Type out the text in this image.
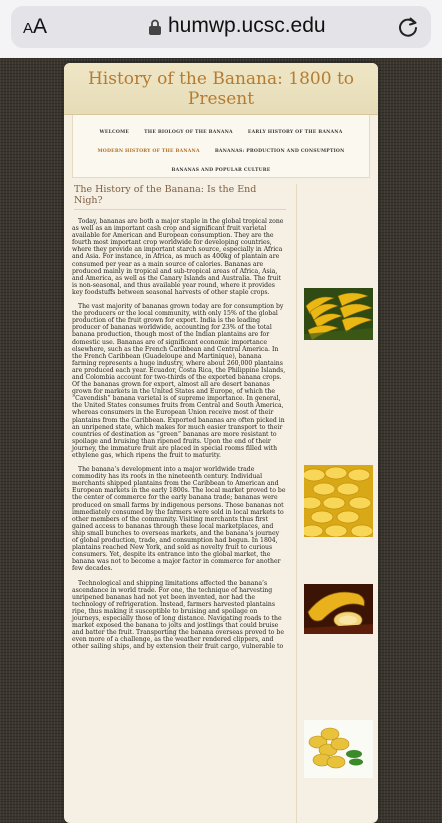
AA	humwp.ucsc.edu
History of the Banana: 1800 to Present
WELCOME	THE BIOLOGY OF THE BANANA	EARLY HISTORY OF THE BANANA
MODERN HISTORY OF THE BANANA	BANANAS: PRODUCTION AND CONSUMPTION
BANANAS AND POPULAR CULTURE
The History of the Banana: Is the End Nigh?

Today, bananas are both a major staple in the global tropical zone as well as an important cash crop and significant fruit varietal available for American and European consumption. They are the fourth most important crop worldwide for developing countries, where they provide an important starch source, especially in Africa and Asia. For instance, in Africa, as much as 400kg of plantain are consumed per year as a main source of calories. Bananas are produced mainly in tropical and sub-tropical areas of Africa, Asia, and America, as well as the Canary Islands and Australia. The fruit is non-seasonal, and thus available year round, where it provides key foodstuffs between seasonal harvests of other staple crops.

The vast majority of bananas grown today are for consumption by the producers or the local community, with only 15% of the global production of the fruit grown for export. India is the leading producer of bananas worldwide, accounting for 23% of the total banana production, though most of the Indian plantains are for domestic use. Bananas are of significant economic importance elsewhere, such as the French Caribbean and Central America. In the French Caribbean (Guadeloupe and Martinique), banana farming represents a huge industry, where about 260,000 plantains are produced each year. Ecuador, Costa Rica, the Philippine Islands, and Colombia account for two-thirds of the exported banana crops. Of the bananas grown for export, almost all are desert bananas grown for markets in the United States and Europe, of which the “Cavendish” banana varietal is of supreme importance. In general, the United States consumes fruits from Central and South America, whereas consumers in the European Union receive most of their plantains from the Caribbean. Exported bananas are often picked in an unripened state, which makes for much easier transport to their countries of destination as “green” bananas are more resistant to spoilage and bruising than ripened fruits. Upon the end of their journey, the immature fruit are placed in special rooms filled with ethylene gas, which ripens the fruit to maturity.

The banana’s development into a major worldwide trade commodity has its roots in the nineteenth century. Individual merchants shipped plantains from the Caribbean to American and European markets in the early 1800s. The local market proved to be the center of commerce for the early banana trade; bananas were produced on small farms by indigenous persons. Those bananas not immediately consumed by the farmers were sold in local markets to other members of the community. Visiting merchants thus first gained access to bananas through these local marketplaces, and ship small bunches to overseas markets, and the banana’s journey of global production, trade, and consumption had begun. In 1804, plantains reached New York, and sold as novelty fruit to curious consumers. Yet, despite its entrance into the global market, the banana was not to become a major factor in commerce for another few decades.

Technological and shipping limitations affected the banana’s ascendance in world trade. For one, the technique of harvesting unripened bananas had not yet been invented, nor had the technology of refrigeration. Instead, farmers harvested plantains ripe, thus making it susceptible to bruising and spoilage on journeys, especially those of long distance. Navigating roads to the market exposed the banana to jolts and jostlings that could bruise and batter the fruit. Transporting the banana overseas proved to be even more of a challenge, as the weather rendered clippers, and other sailing ships, and by extension their fruit cargo, vulnerable to
